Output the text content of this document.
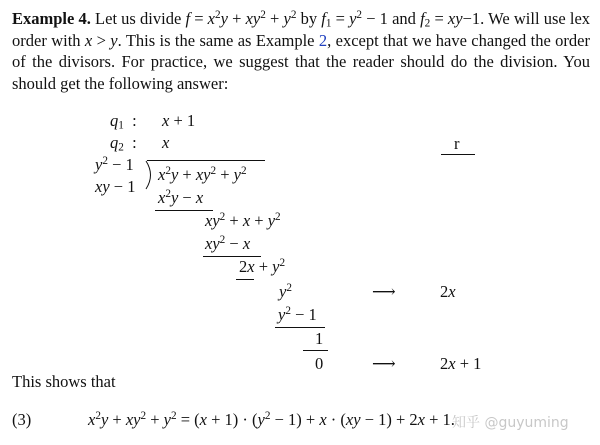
Example 4. Let us divide $f = x^2y + xy^2 + y^2$ by $f_1 = y^2 - 1$ and $f_2 = xy-1$. We will use lex order with x > y. This is the same as Example 2, except that we have changed the order of the divisors. For practice, we suggest that the reader should do the division. You should get the following answer:
$q_1$  : x + 1
$q_2$  : x	r
$y^2 - 1$
xy − 1
$x^2y + xy^2 + y^2$
$x^2y - x$
$xy^2 + x + y^2$
$xy^2 - x$
$2x + y^2$
$y^2$	⟶	2x
$y^2 - 1$
1
0	⟶	2x + 1
This shows that
(3)	$x^2y + xy^2 + y^2 = (x + 1) \cdot (y^2 - 1) + x \cdot (xy - 1) + 2x + 1$.
知乎 @guyuming
